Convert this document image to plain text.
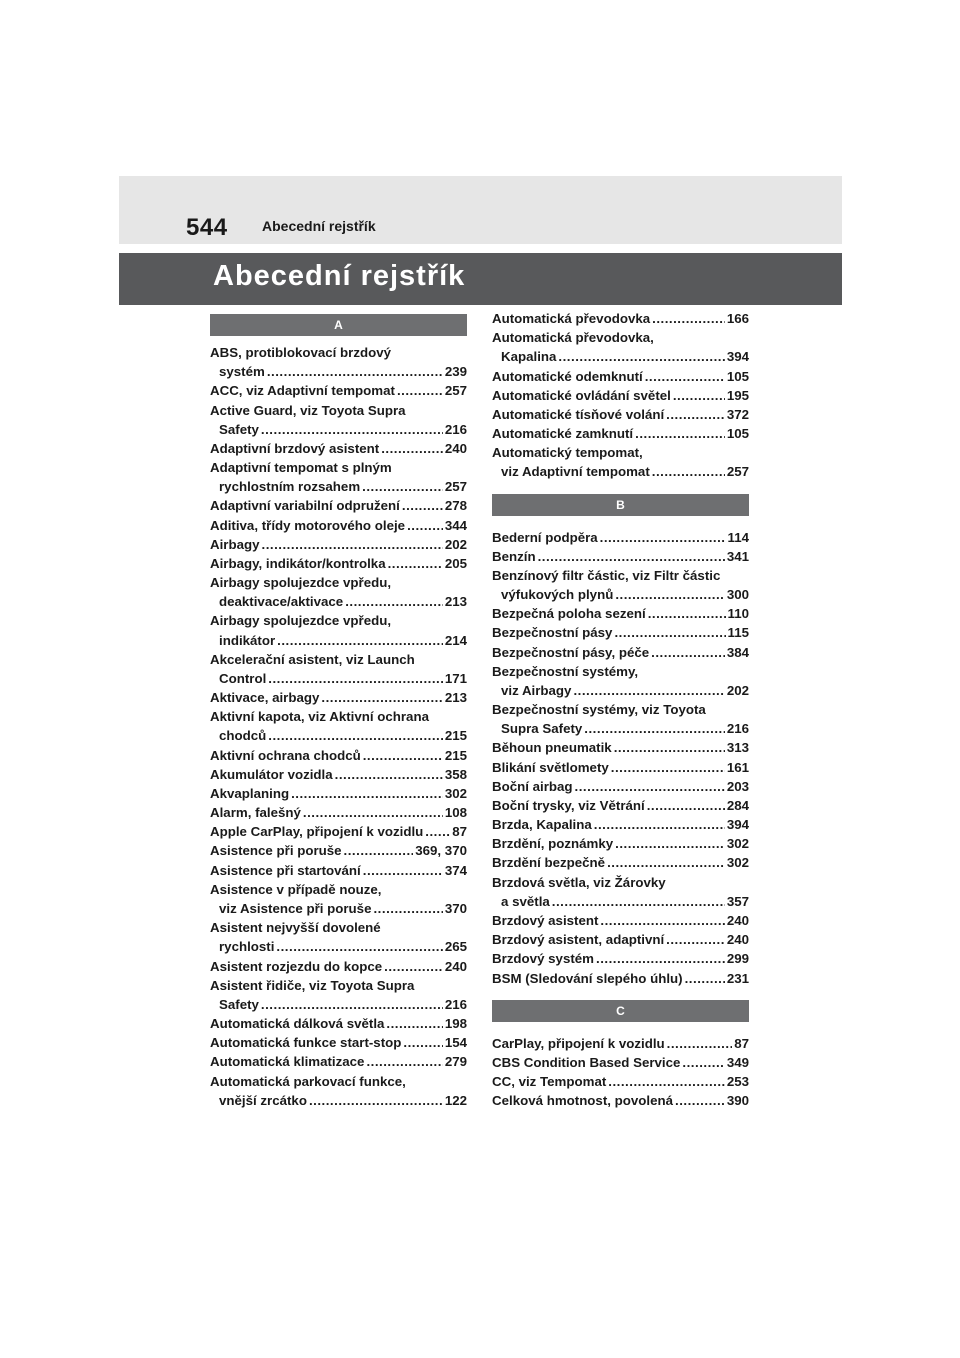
544 Abecední rejstřík
Abecední rejstřík
A
ABS, protiblokovací brzdový
systém .....	239
ACC, viz Adaptivní tempomat .....	257
Active Guard, viz Toyota Supra
Safety .....	216
Adaptivní brzdový asistent .....	240
Adaptivní tempomat s plným
rychlostním rozsahem .....	257
Adaptivní variabilní odpružení .....	278
Aditiva, třídy motorového oleje .....	344
Airbagy .....	202
Airbagy, indikátor/kontrolka .....	205
Airbagy spolujezdce vpředu,
deaktivace/aktivace .....	213
Airbagy spolujezdce vpředu,
indikátor .....	214
Akcelerační asistent, viz Launch
Control .....	171
Aktivace, airbagy .....	213
Aktivní kapota, viz Aktivní ochrana
chodců .....	215
Aktivní ochrana chodců .....	215
Akumulátor vozidla .....	358
Akvaplaning .....	302
Alarm, falešný .....	108
Apple CarPlay, připojení k vozidlu ..... 87
Asistence při poruše .....	369, 370
Asistence při startování .....	374
Asistence v případě nouze,
viz Asistence při poruše .....	370
Asistent nejvyšší dovolené
rychlosti .....	265
Asistent rozjezdu do kopce .....	240
Asistent řidiče, viz Toyota Supra
Safety .....	216
Automatická dálková světla .....	198
Automatická funkce start-stop .....	154
Automatická klimatizace .....	279
Automatická parkovací funkce,
vnější zrcátko .....	122
Automatická převodovka .....	166
Automatická převodovka,
Kapalina .....	394
Automatické odemknutí .....	105
Automatické ovládání světel .....	195
Automatické tísňové volání .....	372
Automatické zamknutí .....	105
Automatický tempomat,
viz Adaptivní tempomat .....	257
B
Bederní podpěra .....	114
Benzín .....	341
Benzínový filtr částic, viz Filtr částic
výfukových plynů .....	300
Bezpečná poloha sezení .....	110
Bezpečnostní pásy .....	115
Bezpečnostní pásy, péče .....	384
Bezpečnostní systémy,
viz Airbagy .....	202
Bezpečnostní systémy, viz Toyota
Supra Safety .....	216
Běhoun pneumatik .....	313
Blikání světlomety .....	161
Boční airbag .....	203
Boční trysky, viz Větrání .....	284
Brzda, Kapalina .....	394
Brzdění, poznámky .....	302
Brzdění bezpečně .....	302
Brzdová světla, viz Žárovky
a světla .....	357
Brzdový asistent .....	240
Brzdový asistent, adaptivní .....	240
Brzdový systém .....	299
BSM (Sledování slepého úhlu) .....	231
C
CarPlay, připojení k vozidlu .....	87
CBS Condition Based Service .....	349
CC, viz Tempomat .....	253
Celková hmotnost, povolená .....	390
